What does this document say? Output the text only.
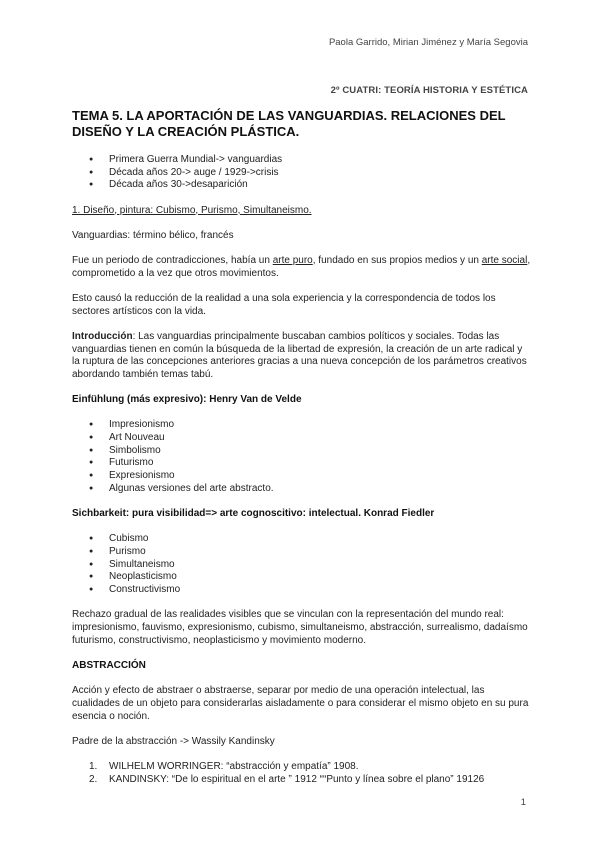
Paola Garrido, Mirian Jiménez y María Segovia
2º CUATRI: TEORÍA HISTORIA Y ESTÉTICA
TEMA 5. LA APORTACIÓN DE LAS VANGUARDIAS. RELACIONES DEL DISEÑO Y LA CREACIÓN PLÁSTICA.
● Primera Guerra Mundial-> vanguardias
● Década años 20-> auge / 1929->crisis
● Década años 30->desaparición
1. Diseño, pintura: Cubismo, Purismo, Simultaneismo.
Vanguardias: término bélico, francés
Fue un periodo de contradicciones, había un arte puro, fundado en sus propios medios y un arte social, comprometido a la vez que otros movimientos.
Esto causó la reducción de la realidad a una sola experiencia y la correspondencia de todos los sectores artísticos con la vida.
Introducción: Las vanguardias principalmente buscaban cambios políticos y sociales. Todas las vanguardias tienen en común la búsqueda de la libertad de expresión, la creación de un arte radical y la ruptura de las concepciones anteriores gracias a una nueva concepción de los parámetros creativos abordando también temas tabú.
Einfühlung (más expresivo): Henry Van de Velde
● Impresionismo
● Art Nouveau
● Simbolismo
● Futurismo
● Expresionismo
● Algunas versiones del arte abstracto.
Sichbarkeit: pura visibilidad=> arte cognoscitivo: intelectual. Konrad Fiedler
● Cubismo
● Purismo
● Simultaneismo
● Neoplasticismo
● Constructivismo
Rechazo gradual de las realidades visibles que se vinculan con la representación del mundo real: impresionismo, fauvismo, expresionismo, cubismo, simultaneismo, abstracción, surrealismo, dadaísmo futurismo, constructivismo, neoplasticismo y movimiento moderno.
ABSTRACCIÓN
Acción y efecto de abstraer o abstraerse, separar por medio de una operación intelectual, las cualidades de un objeto para considerarlas aisladamente o para considerar el mismo objeto en su pura esencia o noción.
Padre de la abstracción -> Wassily Kandinsky
1. WILHELM WORRINGER: “abstracción y empatía” 1908.
2. KANDINSKY: “De lo espiritual en el arte ” 1912 ““Punto y línea sobre el plano” 19126
1
